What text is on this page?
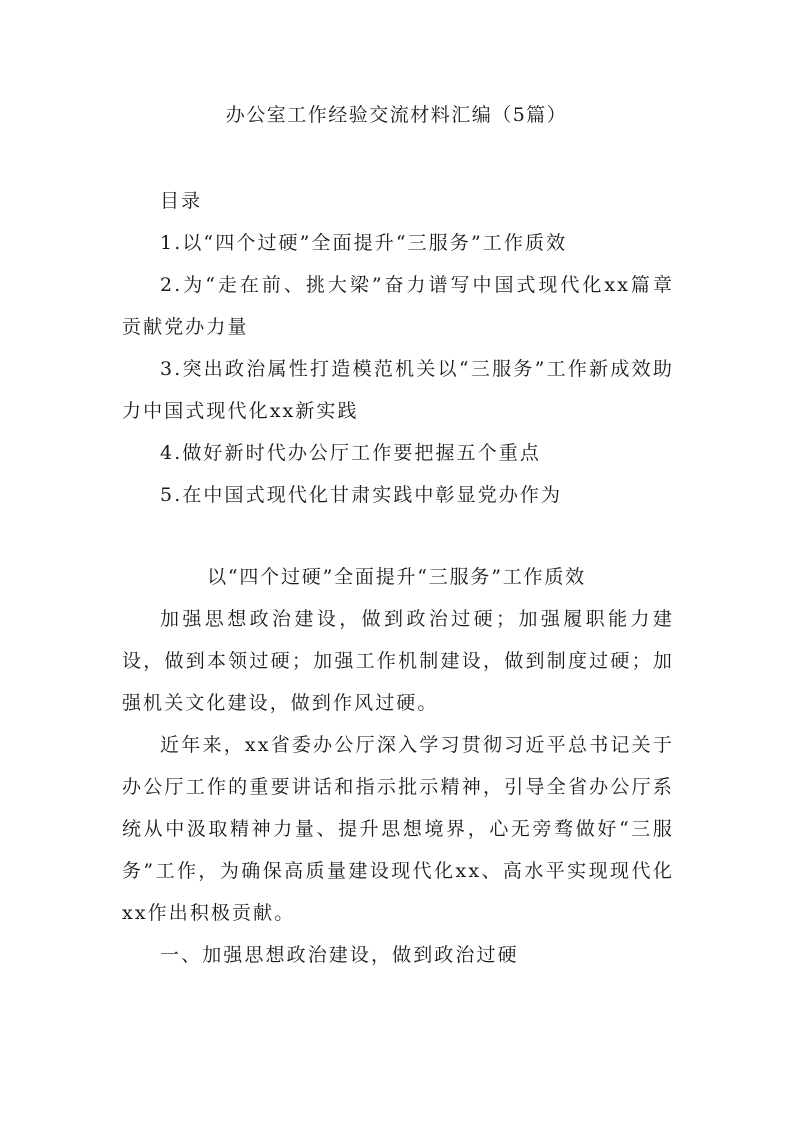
办公室工作经验交流材料汇编（5篇）

目录

1.以“四个过硬”全面提升“三服务”工作质效

2.为“走在前、挑大梁”奋力谱写中国式现代化xx篇章贡献党办力量

3.突出政治属性打造模范机关以“三服务”工作新成效助力中国式现代化xx新实践

4.做好新时代办公厅工作要把握五个重点

5.在中国式现代化甘肃实践中彰显党办作为

以“四个过硬”全面提升“三服务”工作质效

加强思想政治建设，做到政治过硬；加强履职能力建设，做到本领过硬；加强工作机制建设，做到制度过硬；加强机关文化建设，做到作风过硬。

近年来，xx省委办公厅深入学习贯彻习近平总书记关于办公厅工作的重要讲话和指示批示精神，引导全省办公厅系统从中汲取精神力量、提升思想境界，心无旁骛做好“三服务”工作，为确保高质量建设现代化xx、高水平实现现代化xx作出积极贡献。

一、加强思想政治建设，做到政治过硬
